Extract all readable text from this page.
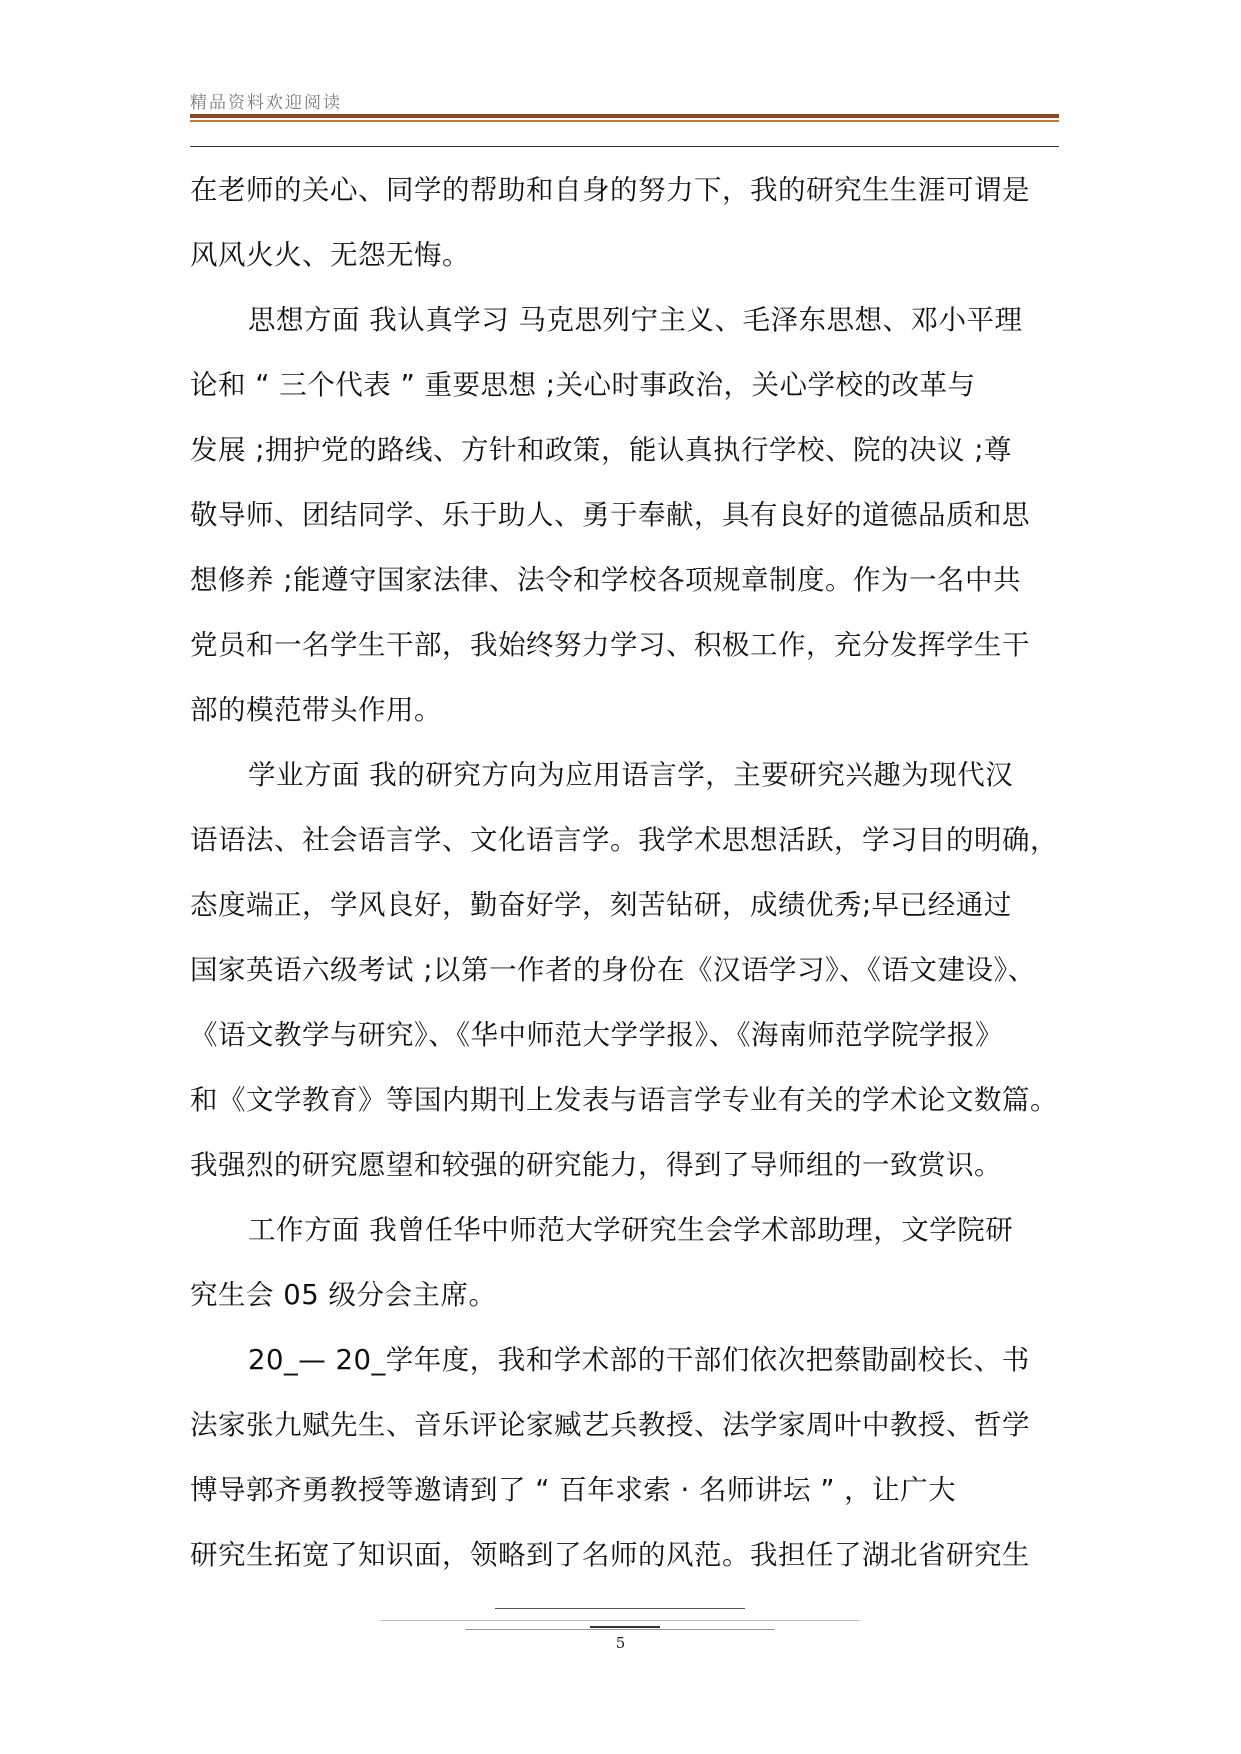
精品资料欢迎阅读

在老师的关心、同学的帮助和自身的努力下，我的研究生生涯可谓是

风风火火、无怨无悔。

思想方面 我认真学习 马克思列宁主义、毛泽东思想、邓小平理

论和 “ 三个代表 ” 重要思想 ;关心时事政治，关心学校的改革与

发展 ;拥护党的路线、方针和政策，能认真执行学校、院的决议 ;尊

敬导师、团结同学、乐于助人、勇于奉献，具有良好的道德品质和思

想修养 ;能遵守国家法律、法令和学校各项规章制度。作为一名中共

党员和一名学生干部，我始终努力学习、积极工作，充分发挥学生干

部的模范带头作用。

学业方面 我的研究方向为应用语言学，主要研究兴趣为现代汉

语语法、社会语言学、文化语言学。我学术思想活跃，学习目的明确，

态度端正，学风良好，勤奋好学，刻苦钻研，成绩优秀;早已经通过

国家英语六级考试 ;以第一作者的身份在《汉语学习》、《语文建设》、

《语文教学与研究》、《华中师范大学学报》、《海南师范学院学报》

和《文学教育》等国内期刊上发表与语言学专业有关的学术论文数篇。

我强烈的研究愿望和较强的研究能力，得到了导师组的一致赏识。

工作方面 我曾任华中师范大学研究生会学术部助理，文学院研

究生会 05 级分会主席。

20_— 20_学年度，我和学术部的干部们依次把蔡勖副校长、书

法家张九赋先生、音乐评论家臧艺兵教授、法学家周叶中教授、哲学

博导郭齐勇教授等邀请到了 “ 百年求索 · 名师讲坛 ” ，让广大

研究生拓宽了知识面，领略到了名师的风范。我担任了湖北省研究生

5
